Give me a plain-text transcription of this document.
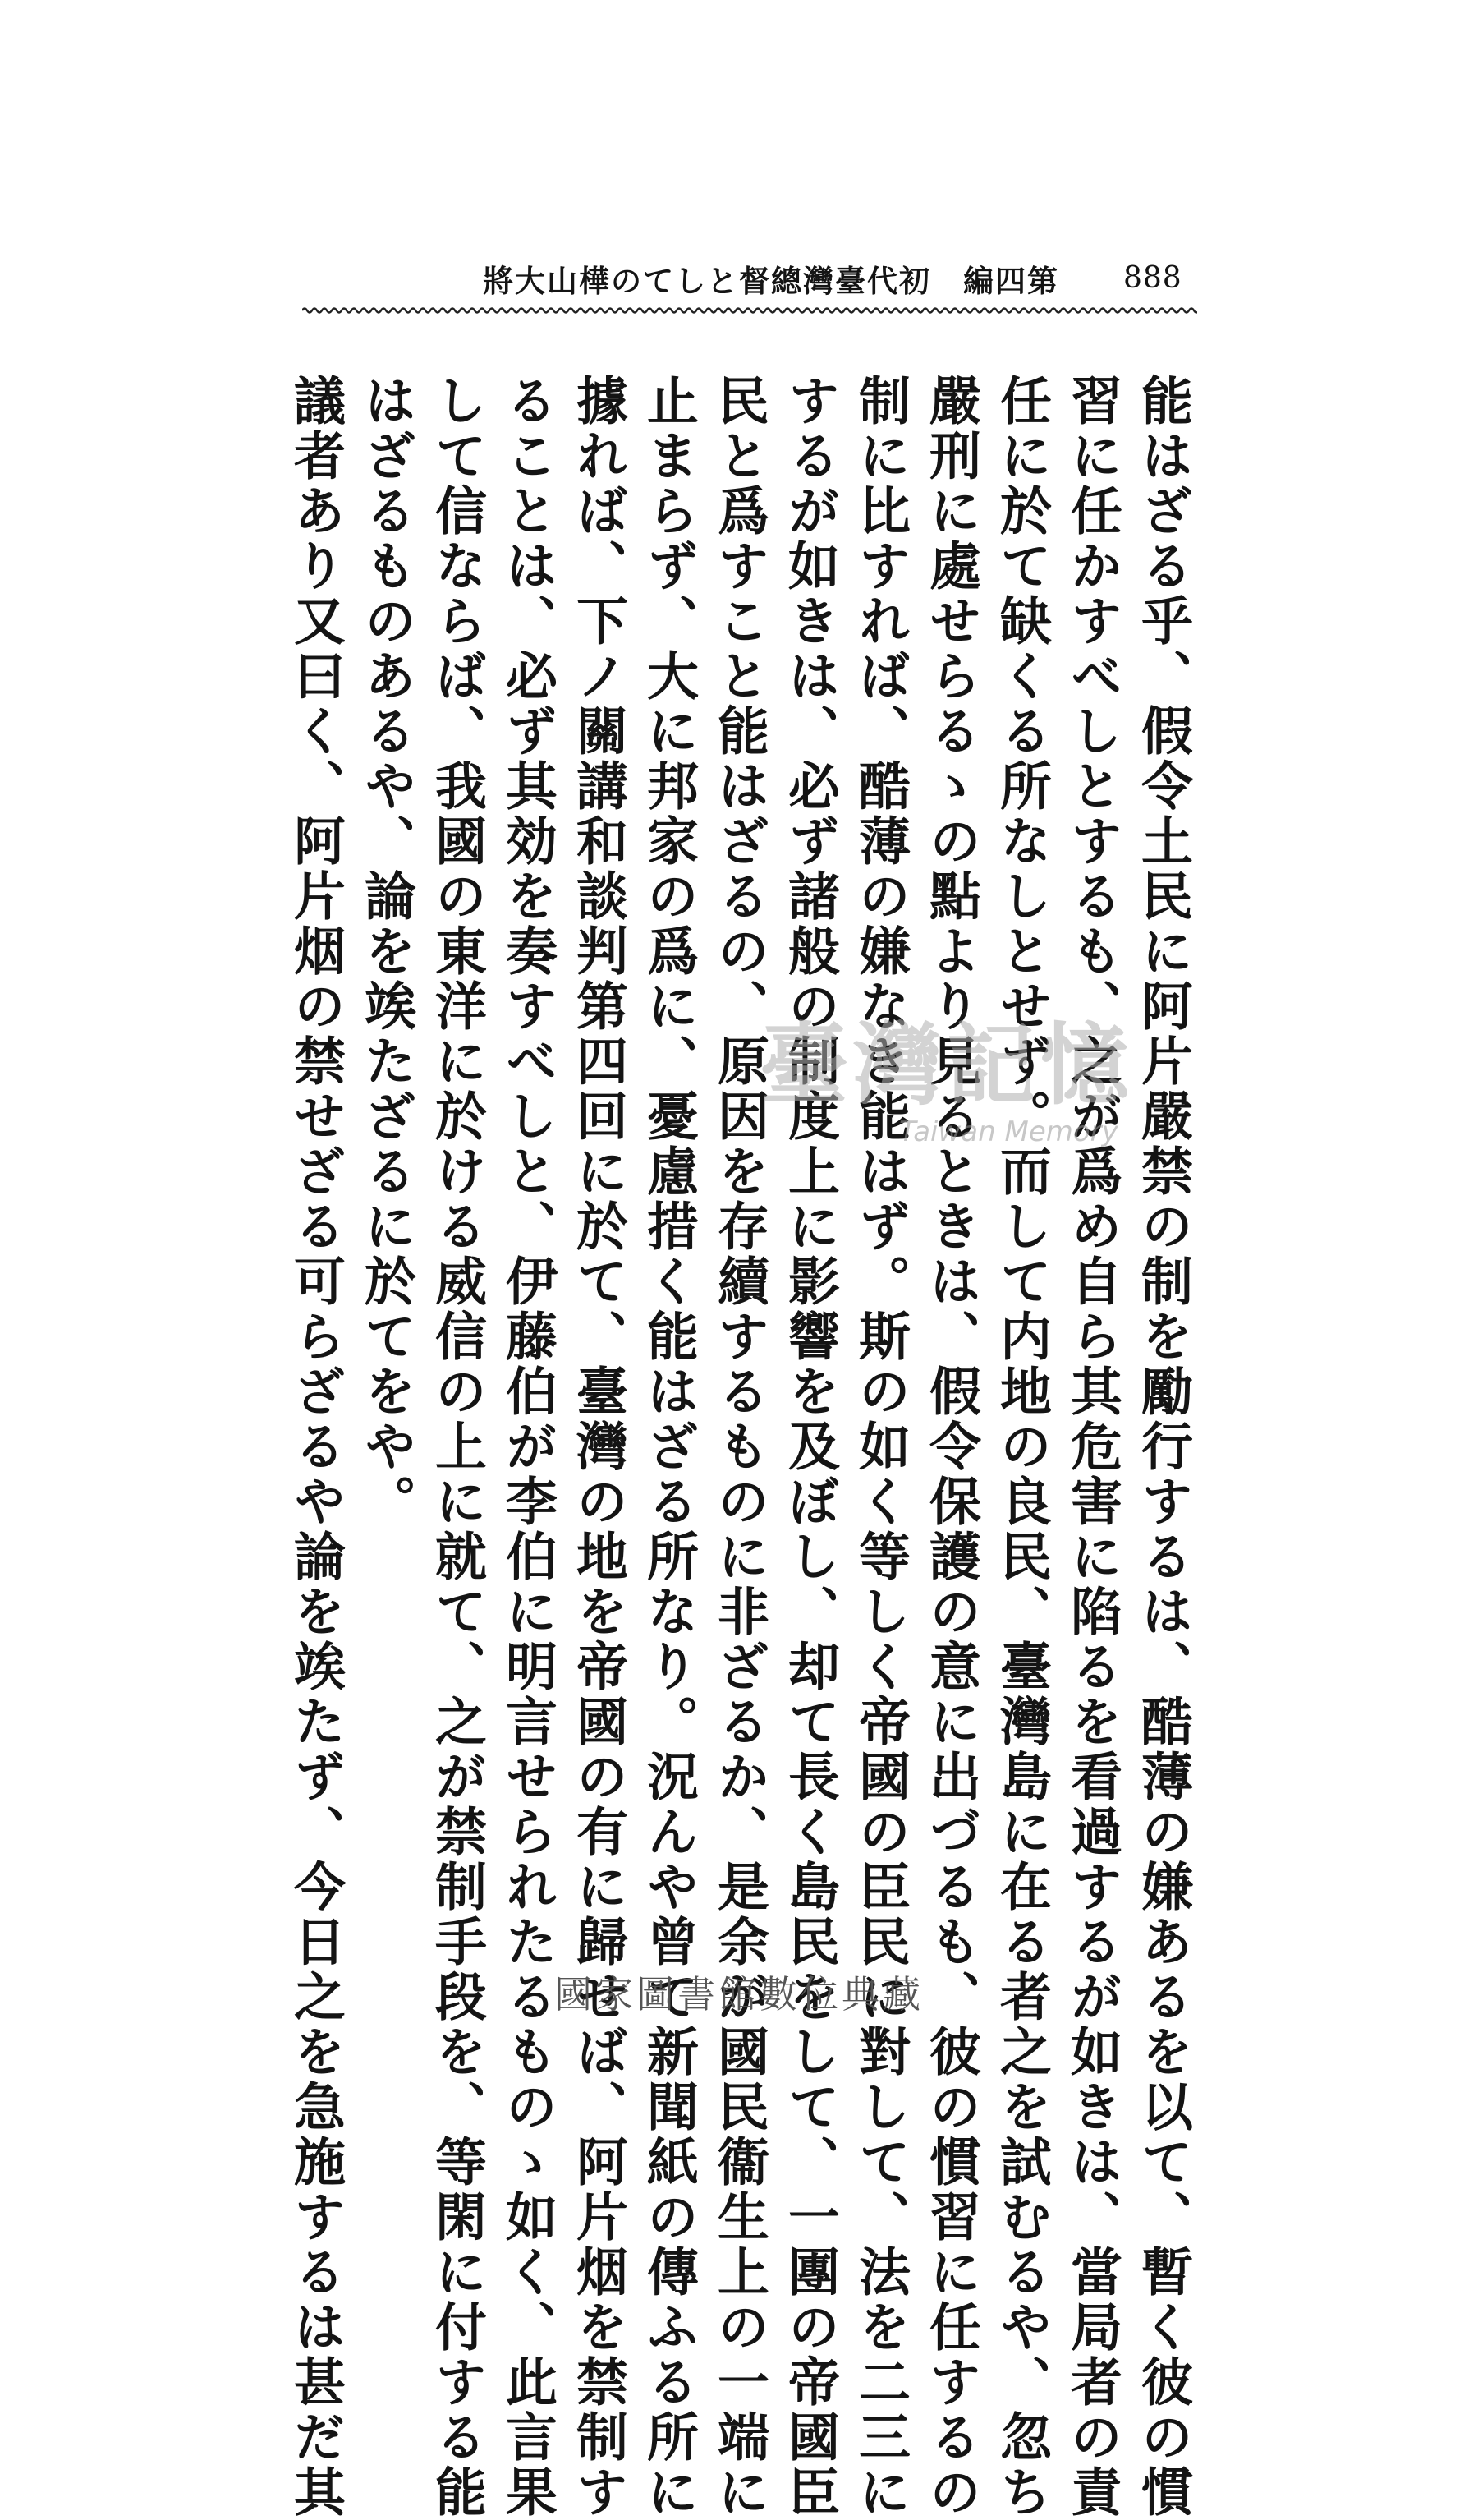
888
將大山樺のてしと督總灣臺代初　編四第
能はざる乎、假令土民に阿片嚴禁の制を勵行するは、酷薄の嫌あるを以て、暫く彼の慣
習に任かすべしとするも、之が爲め自ら其危害に陷るを看過するが如きは、當局者の責
任に於て缺くる所なしとせず。而して内地の良民、臺灣島に在る者之を試むるや、忽ち
嚴刑に處せらるゝの點より見るときは、假令保護の意に出づるも、彼の慣習に任するの
制に比すれば、酷薄の嫌なき能はず。斯の如く等しく帝國の臣民に對して、法を二三に
するが如きは、必ず諸般の制度上に影響を及ぼし、却て長く島民をして、一團の帝國臣
民と爲すこと能はざるの、原因を存續するものに非ざるか、是余が國民衞生上の一端に
止まらず、大に邦家の爲に、憂慮措く能はざる所なり。況んや曾て新聞紙の傳ふる所に
據れば、下ノ關講和談判第四回に於て、臺灣の地を帝國の有に歸せば、阿片烟を禁制す
ることは、必ず其効を奏すべしと、伊藤伯が李伯に明言せられたるものゝ如く、此言果
して信ならば、我國の東洋に於ける威信の上に就て、之が禁制手段を、等閑に付する能
はざるものあるや、論を竢たざるに於てをや。
議者あり又曰く、阿片烟の禁せざる可らざるや論を竢たず、今日之を急施するは甚だ其	臺灣記憶
Taiwan Memory
國家圖書館數位典藏
